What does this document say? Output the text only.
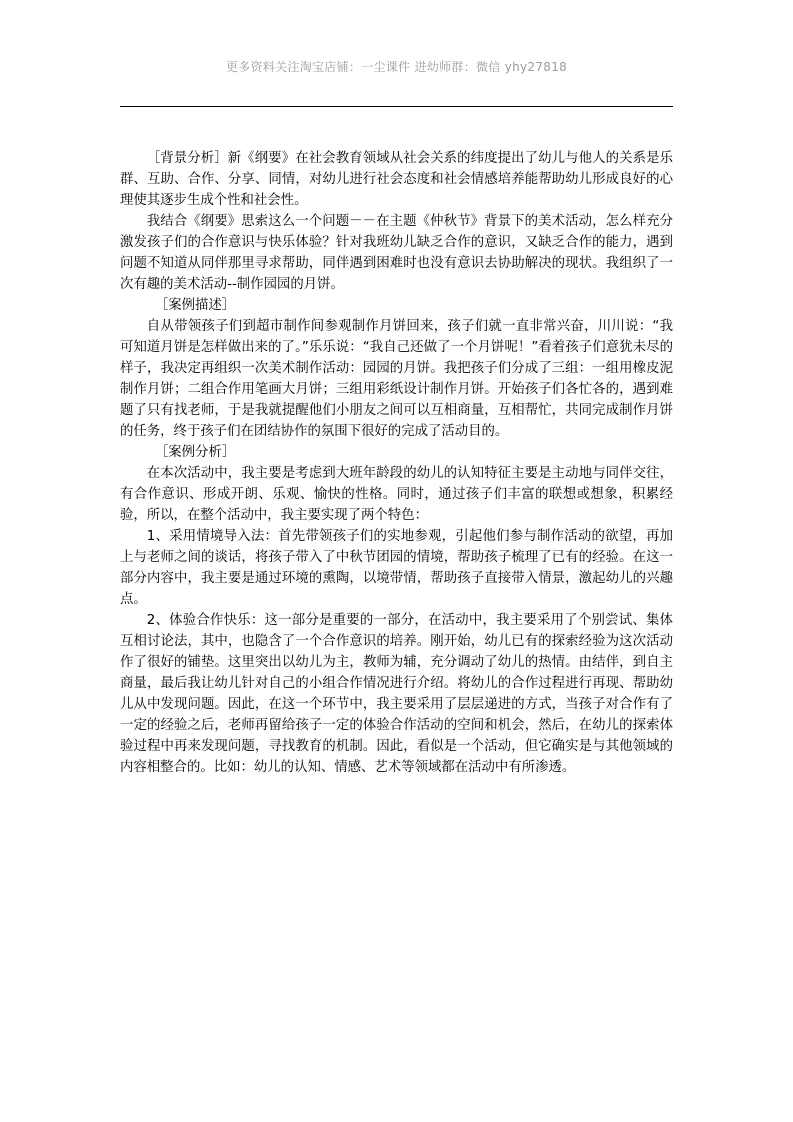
更多资料关注淘宝店铺：一尘课件 进幼师群：微信 yhy27818

［背景分析］新《纲要》在社会教育领域从社会关系的纬度提出了幼儿与他人的关系是乐群、互助、合作、分享、同情，对幼儿进行社会态度和社会情感培养能帮助幼儿形成良好的心理使其逐步生成个性和社会性。

我结合《纲要》思索这么一个问题－－在主题《仲秋节》背景下的美术活动，怎么样充分激发孩子们的合作意识与快乐体验？针对我班幼儿缺乏合作的意识，又缺乏合作的能力，遇到问题不知道从同伴那里寻求帮助，同伴遇到困难时也没有意识去协助解决的现状。我组织了一次有趣的美术活动--制作园园的月饼。

［案例描述］

自从带领孩子们到超市制作间参观制作月饼回来，孩子们就一直非常兴奋，川川说：“我可知道月饼是怎样做出来的了。”乐乐说：“我自己还做了一个月饼呢！”看着孩子们意犹未尽的样子，我决定再组织一次美术制作活动：园园的月饼。我把孩子们分成了三组：一组用橡皮泥制作月饼；二组合作用笔画大月饼；三组用彩纸设计制作月饼。开始孩子们各忙各的，遇到难题了只有找老师，于是我就提醒他们小朋友之间可以互相商量，互相帮忙，共同完成制作月饼的任务，终于孩子们在团结协作的氛围下很好的完成了活动目的。

［案例分析］

在本次活动中，我主要是考虑到大班年龄段的幼儿的认知特征主要是主动地与同伴交往，有合作意识、形成开朗、乐观、愉快的性格。同时，通过孩子们丰富的联想或想象，积累经验，所以，在整个活动中，我主要实现了两个特色：

1、采用情境导入法：首先带领孩子们的实地参观，引起他们参与制作活动的欲望，再加上与老师之间的谈话，将孩子带入了中秋节团园的情境，帮助孩子梳理了已有的经验。在这一部分内容中，我主要是通过环境的熏陶，以境带情，帮助孩子直接带入情景，激起幼儿的兴趣点。

2、体验合作快乐：这一部分是重要的一部分，在活动中，我主要采用了个别尝试、集体互相讨论法，其中，也隐含了一个合作意识的培养。刚开始，幼儿已有的探索经验为这次活动作了很好的铺垫。这里突出以幼儿为主，教师为辅，充分调动了幼儿的热情。由结伴，到自主商量，最后我让幼儿针对自己的小组合作情况进行介绍。将幼儿的合作过程进行再现、帮助幼儿从中发现问题。因此，在这一个环节中，我主要采用了层层递进的方式，当孩子对合作有了一定的经验之后，老师再留给孩子一定的体验合作活动的空间和机会，然后，在幼儿的探索体验过程中再来发现问题，寻找教育的机制。因此，看似是一个活动，但它确实是与其他领域的内容相整合的。比如：幼儿的认知、情感、艺术等领域都在活动中有所渗透。
